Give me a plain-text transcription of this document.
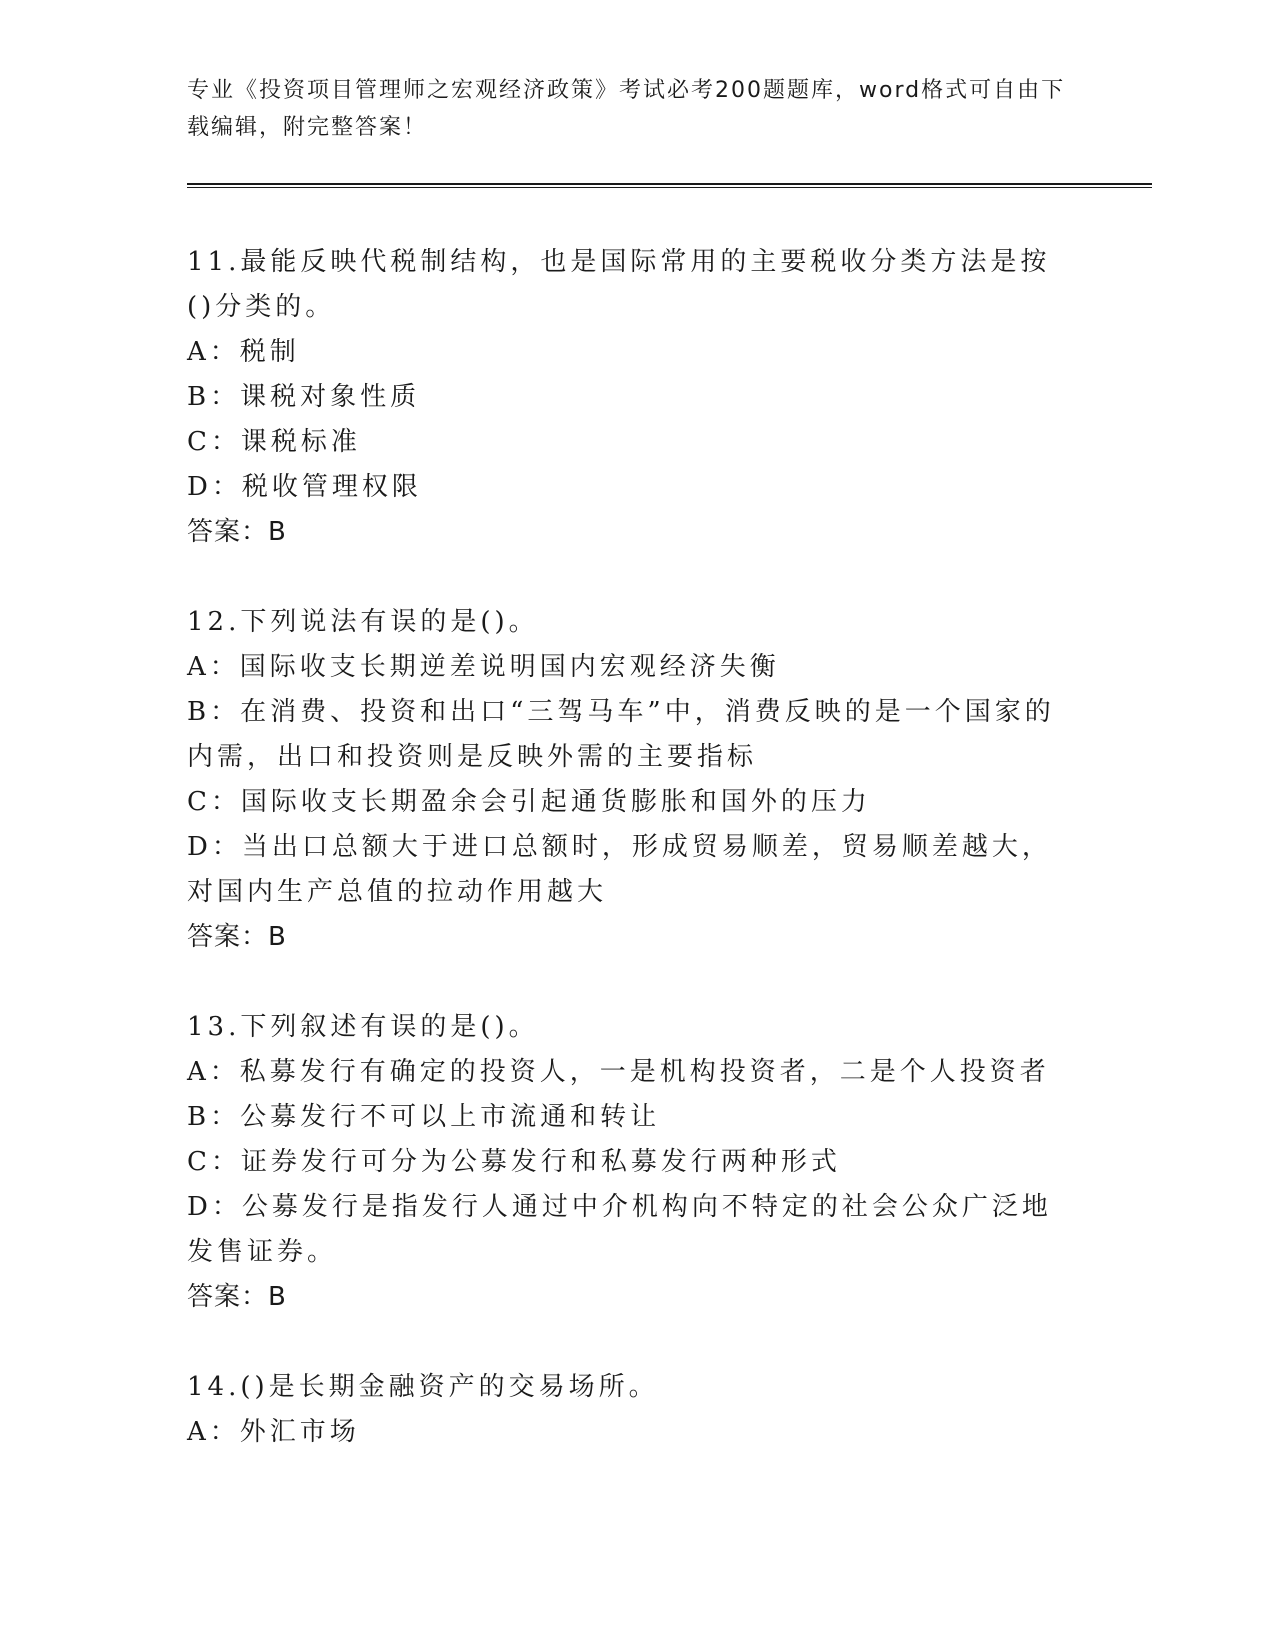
专业《投资项目管理师之宏观经济政策》考试必考200题题库，word格式可自由下载编辑，附完整答案！

11.最能反映代税制结构，也是国际常用的主要税收分类方法是按()分类的。

A：税制

B：课税对象性质

C：课税标准

D：税收管理权限

答案：B

12.下列说法有误的是()。

A：国际收支长期逆差说明国内宏观经济失衡

B：在消费、投资和出口“三驾马车”中，消费反映的是一个国家的内需，出口和投资则是反映外需的主要指标

C：国际收支长期盈余会引起通货膨胀和国外的压力

D：当出口总额大于进口总额时，形成贸易顺差，贸易顺差越大，对国内生产总值的拉动作用越大

答案：B

13.下列叙述有误的是()。

A：私募发行有确定的投资人，一是机构投资者，二是个人投资者

B：公募发行不可以上市流通和转让

C：证券发行可分为公募发行和私募发行两种形式

D：公募发行是指发行人通过中介机构向不特定的社会公众广泛地发售证券。

答案：B

14.()是长期金融资产的交易场所。

A：外汇市场
